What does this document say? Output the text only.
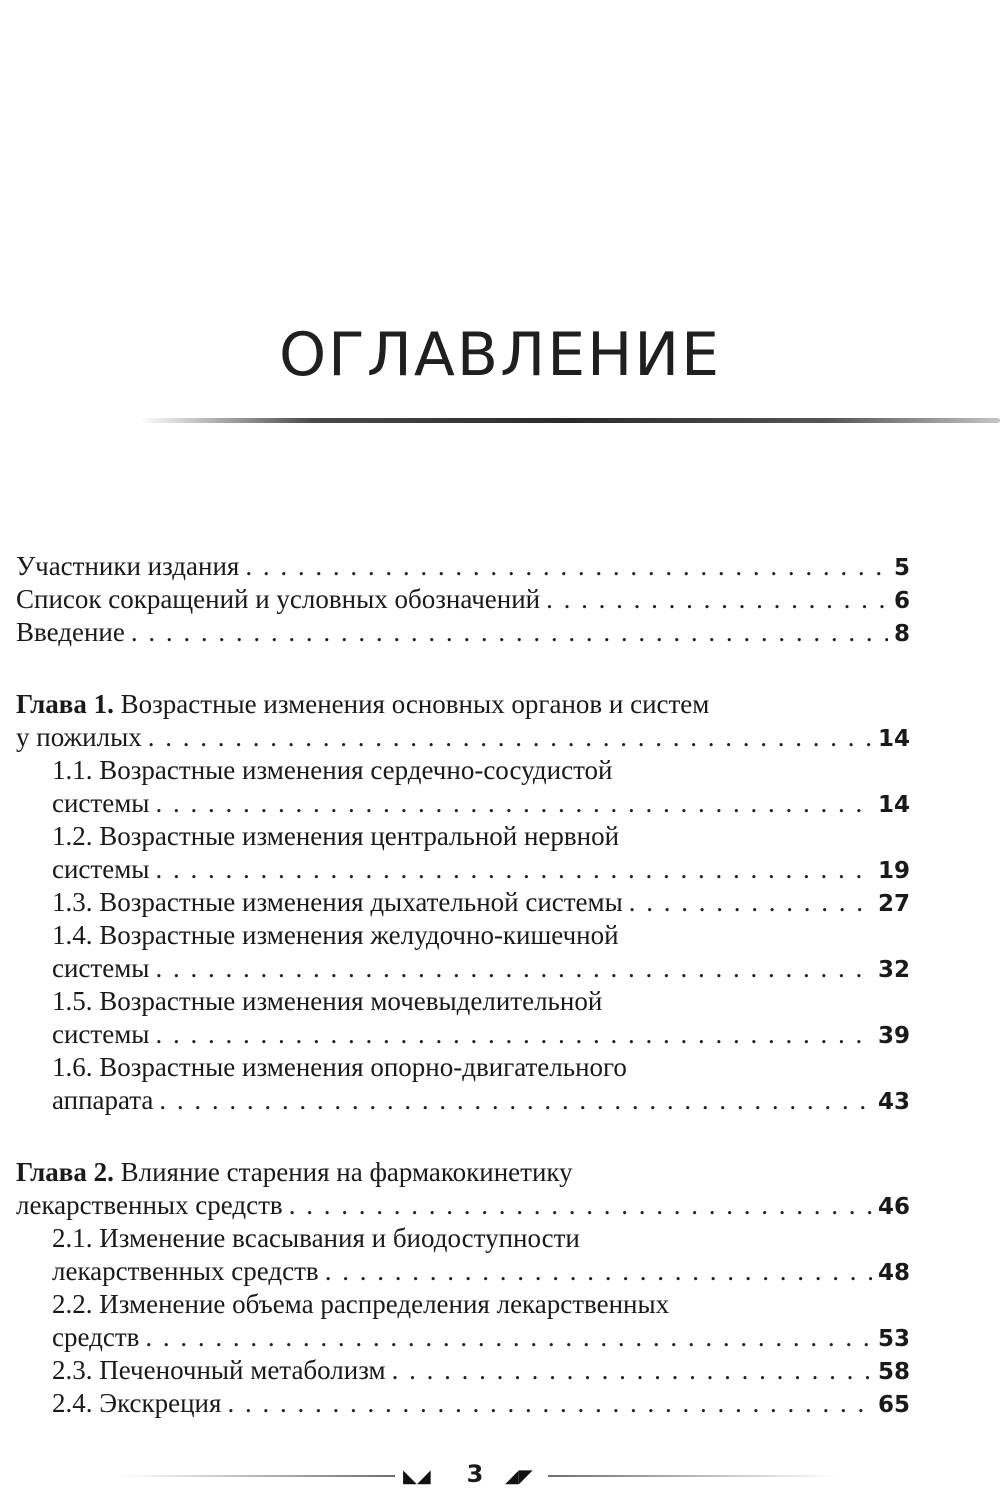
ОГЛАВЛЕНИЕ
Участники издания . . .	5
Список сокращений и условных обозначений . . .	6
Введение . . .	8
Глава 1. Возрастные изменения основных органов и систем
у пожилых . . .	14
1.1. Возрастные изменения сердечно-сосудистой
системы . . .	14
1.2. Возрастные изменения центральной нервной
системы . . .	19
1.3. Возрастные изменения дыхательной системы . . .	27
1.4. Возрастные изменения желудочно-кишечной
системы . . .	32
1.5. Возрастные изменения мочевыделительной
системы . . .	39
1.6. Возрастные изменения опорно-двигательного
аппарата . . .	43
Глава 2. Влияние старения на фармакокинетику
лекарственных средств . . .	46
2.1. Изменение всасывания и биодоступности
лекарственных средств . . .	48
2.2. Изменение объема распределения лекарственных
средств . . .	53
2.3. Печеночный метаболизм . . .	58
2.4. Экскреция . . .	65
◣◢	3	◢◤
